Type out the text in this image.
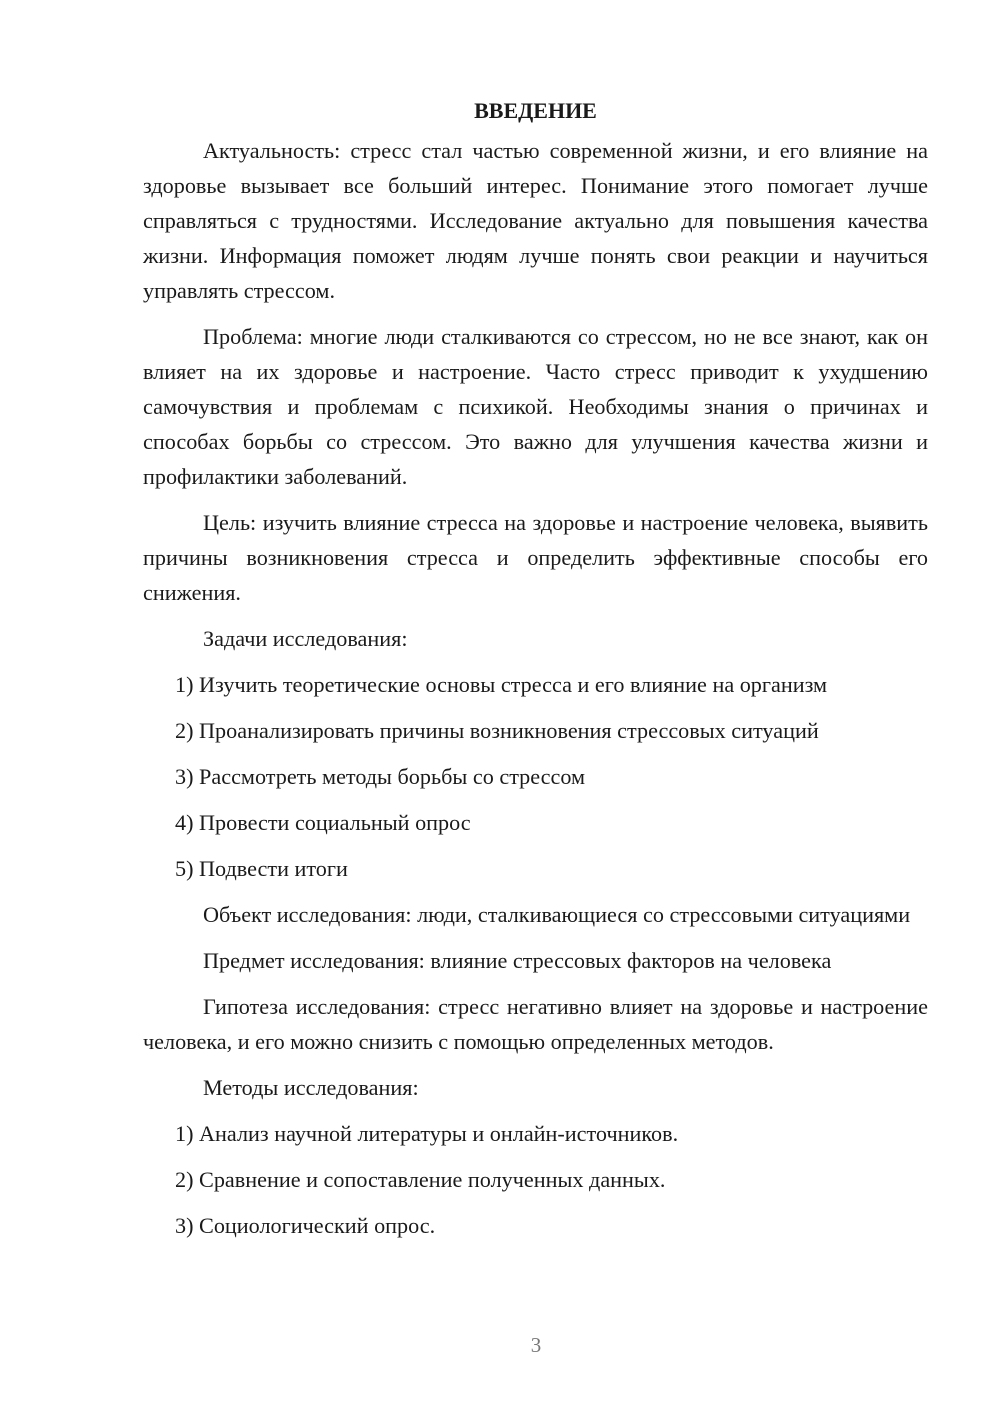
ВВЕДЕНИЕ

Актуальность: стресс стал частью современной жизни, и его влияние на здоровье вызывает все больший интерес. Понимание этого помогает лучше справляться с трудностями. Исследование актуально для повышения качества жизни. Информация поможет людям лучше понять свои реакции и научиться управлять стрессом.

Проблема: многие люди сталкиваются со стрессом, но не все знают, как он влияет на их здоровье и настроение. Часто стресс приводит к ухудшению самочувствия и проблемам с психикой. Необходимы знания о причинах и способах борьбы со стрессом. Это важно для улучшения качества жизни и профилактики заболеваний.

Цель: изучить влияние стресса на здоровье и настроение человека, выявить причины возникновения стресса и определить эффективные способы его снижения.

Задачи исследования:

1) Изучить теоретические основы стресса и его влияние на организм

2) Проанализировать причины возникновения стрессовых ситуаций

3) Рассмотреть методы борьбы со стрессом

4) Провести социальный опрос

5) Подвести итоги

Объект исследования: люди, сталкивающиеся со стрессовыми ситуациями

Предмет исследования: влияние стрессовых факторов на человека

Гипотеза исследования: стресс негативно влияет на здоровье и настроение человека, и его можно снизить с помощью определенных методов.

Методы исследования:

1) Анализ научной литературы и онлайн-источников.

2) Сравнение и сопоставление полученных данных.

3) Социологический опрос.

3
